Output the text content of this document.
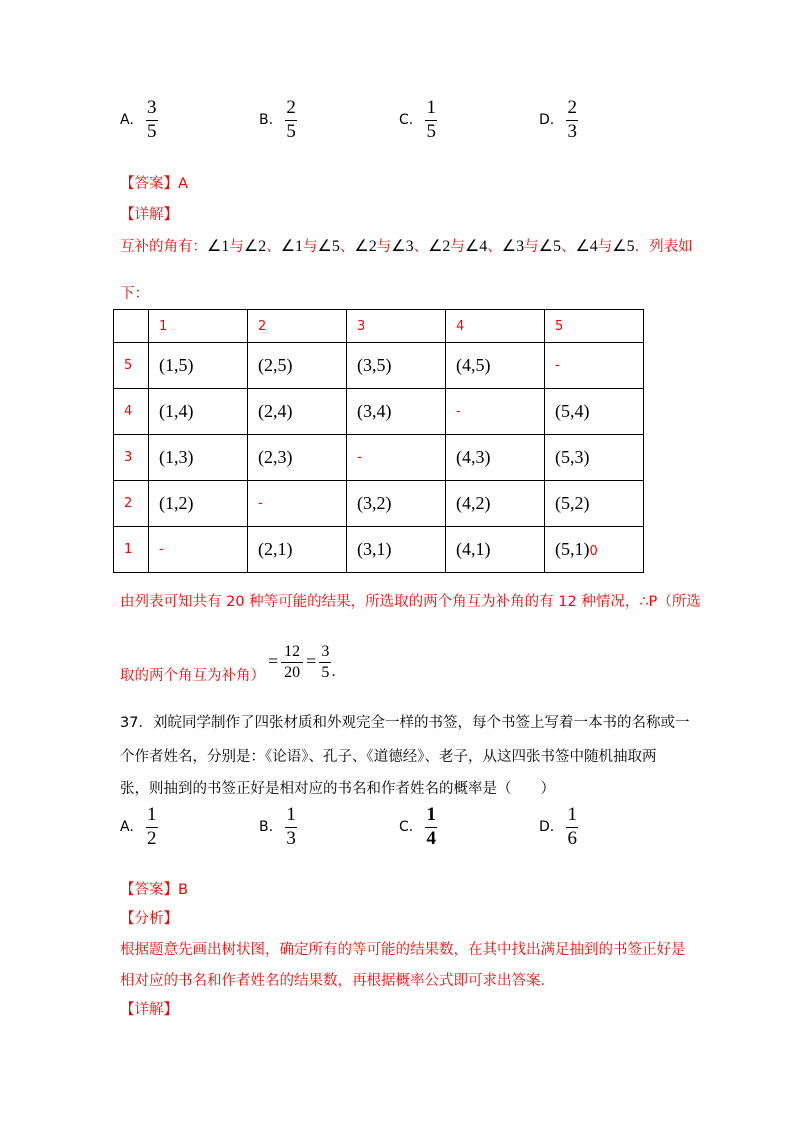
A. $\frac{3}{5}$	B. $\frac{2}{5}$	C. $\frac{1}{5}$	D. $\frac{2}{3}$
【答案】A
【详解】
互补的角有： ∠1 与 ∠2 、 ∠1 与 ∠5 、 ∠2 与 ∠3 、 ∠2 与 ∠4 、 ∠3 与 ∠5 、 ∠4 与 ∠5 ．列表如
下：
	1	2	3	4	5
5	(1,5)	(2,5)	(3,5)	(4,5)	-
4	(1,4)	(2,4)	(3,4)	-	(5,4)
3	(1,3)	(2,3)	-	(4,3)	(5,3)
2	(1,2)	-	(3,2)	(4,2)	(5,2)
1	-	(2,1)	(3,1)	(4,1)	(5,1)0
由列表可知共有 20 种等可能的结果，所选取的两个角互为补角的有 12 种情况，∴P（所选
取的两个角互为补角）
= $\frac{12}{20} = \frac{3}{5}$ ．
37．刘皖同学制作了四张材质和外观完全一样的书签，每个书签上写着一本书的名称或一
个作者姓名，分别是：《论语》、孔子、《道德经》、老子，从这四张书签中随机抽取两
张，则抽到的书签正好是相对应的书名和作者姓名的概率是（　　）
A. $\frac{1}{2}$	B. $\frac{1}{3}$	C. $\frac{1}{4}$	D. $\frac{1}{6}$
【答案】B
【分析】
根据题意先画出树状图，确定所有的等可能的结果数，在其中找出满足抽到的书签正好是
相对应的书名和作者姓名的结果数，再根据概率公式即可求出答案．
【详解】
